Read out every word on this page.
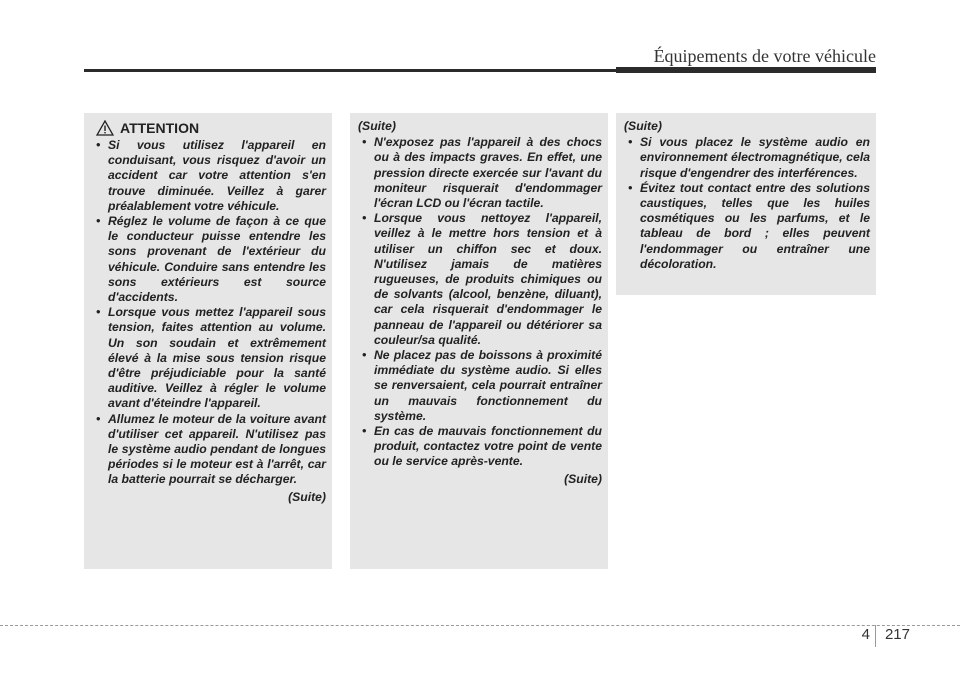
Équipements de votre véhicule
ATTENTION
• Si vous utilisez l'appareil en conduisant, vous risquez d'avoir un accident car votre attention s'en trouve diminuée. Veillez à garer préalablement votre véhicule.
• Réglez le volume de façon à ce que le conducteur puisse entendre les sons provenant de l'extérieur du véhicule. Conduire sans entendre les sons extérieurs est source d'accidents.
• Lorsque vous mettez l'appareil sous tension, faites attention au volume. Un son soudain et extrêmement élevé à la mise sous tension risque d'être préjudiciable pour la santé auditive. Veillez à régler le volume avant d'éteindre l'appareil.
• Allumez le moteur de la voiture avant d'utiliser cet appareil. N'utilisez pas le système audio pendant de longues périodes si le moteur est à l'arrêt, car la batterie pourrait se décharger.
(Suite)
(Suite)
• N'exposez pas l'appareil à des chocs ou à des impacts graves. En effet, une pression directe exercée sur l'avant du moniteur risquerait d'endommager l'écran LCD ou l'écran tactile.
• Lorsque vous nettoyez l'appareil, veillez à le mettre hors tension et à utiliser un chiffon sec et doux. N'utilisez jamais de matières rugueuses, de produits chimiques ou de solvants (alcool, benzène, diluant), car cela risquerait d'endommager le panneau de l'appareil ou détériorer sa couleur/sa qualité.
• Ne placez pas de boissons à proximité immédiate du système audio. Si elles se renversaient, cela pourrait entraîner un mauvais fonctionnement du système.
• En cas de mauvais fonctionnement du produit, contactez votre point de vente ou le service après-vente.
(Suite)
(Suite)
• Si vous placez le système audio en environnement électromagnétique, cela risque d'engendrer des interférences.
• Évitez tout contact entre des solutions caustiques, telles que les huiles cosmétiques ou les parfums, et le tableau de bord ; elles peuvent l'endommager ou entraîner une décoloration.
4 217
